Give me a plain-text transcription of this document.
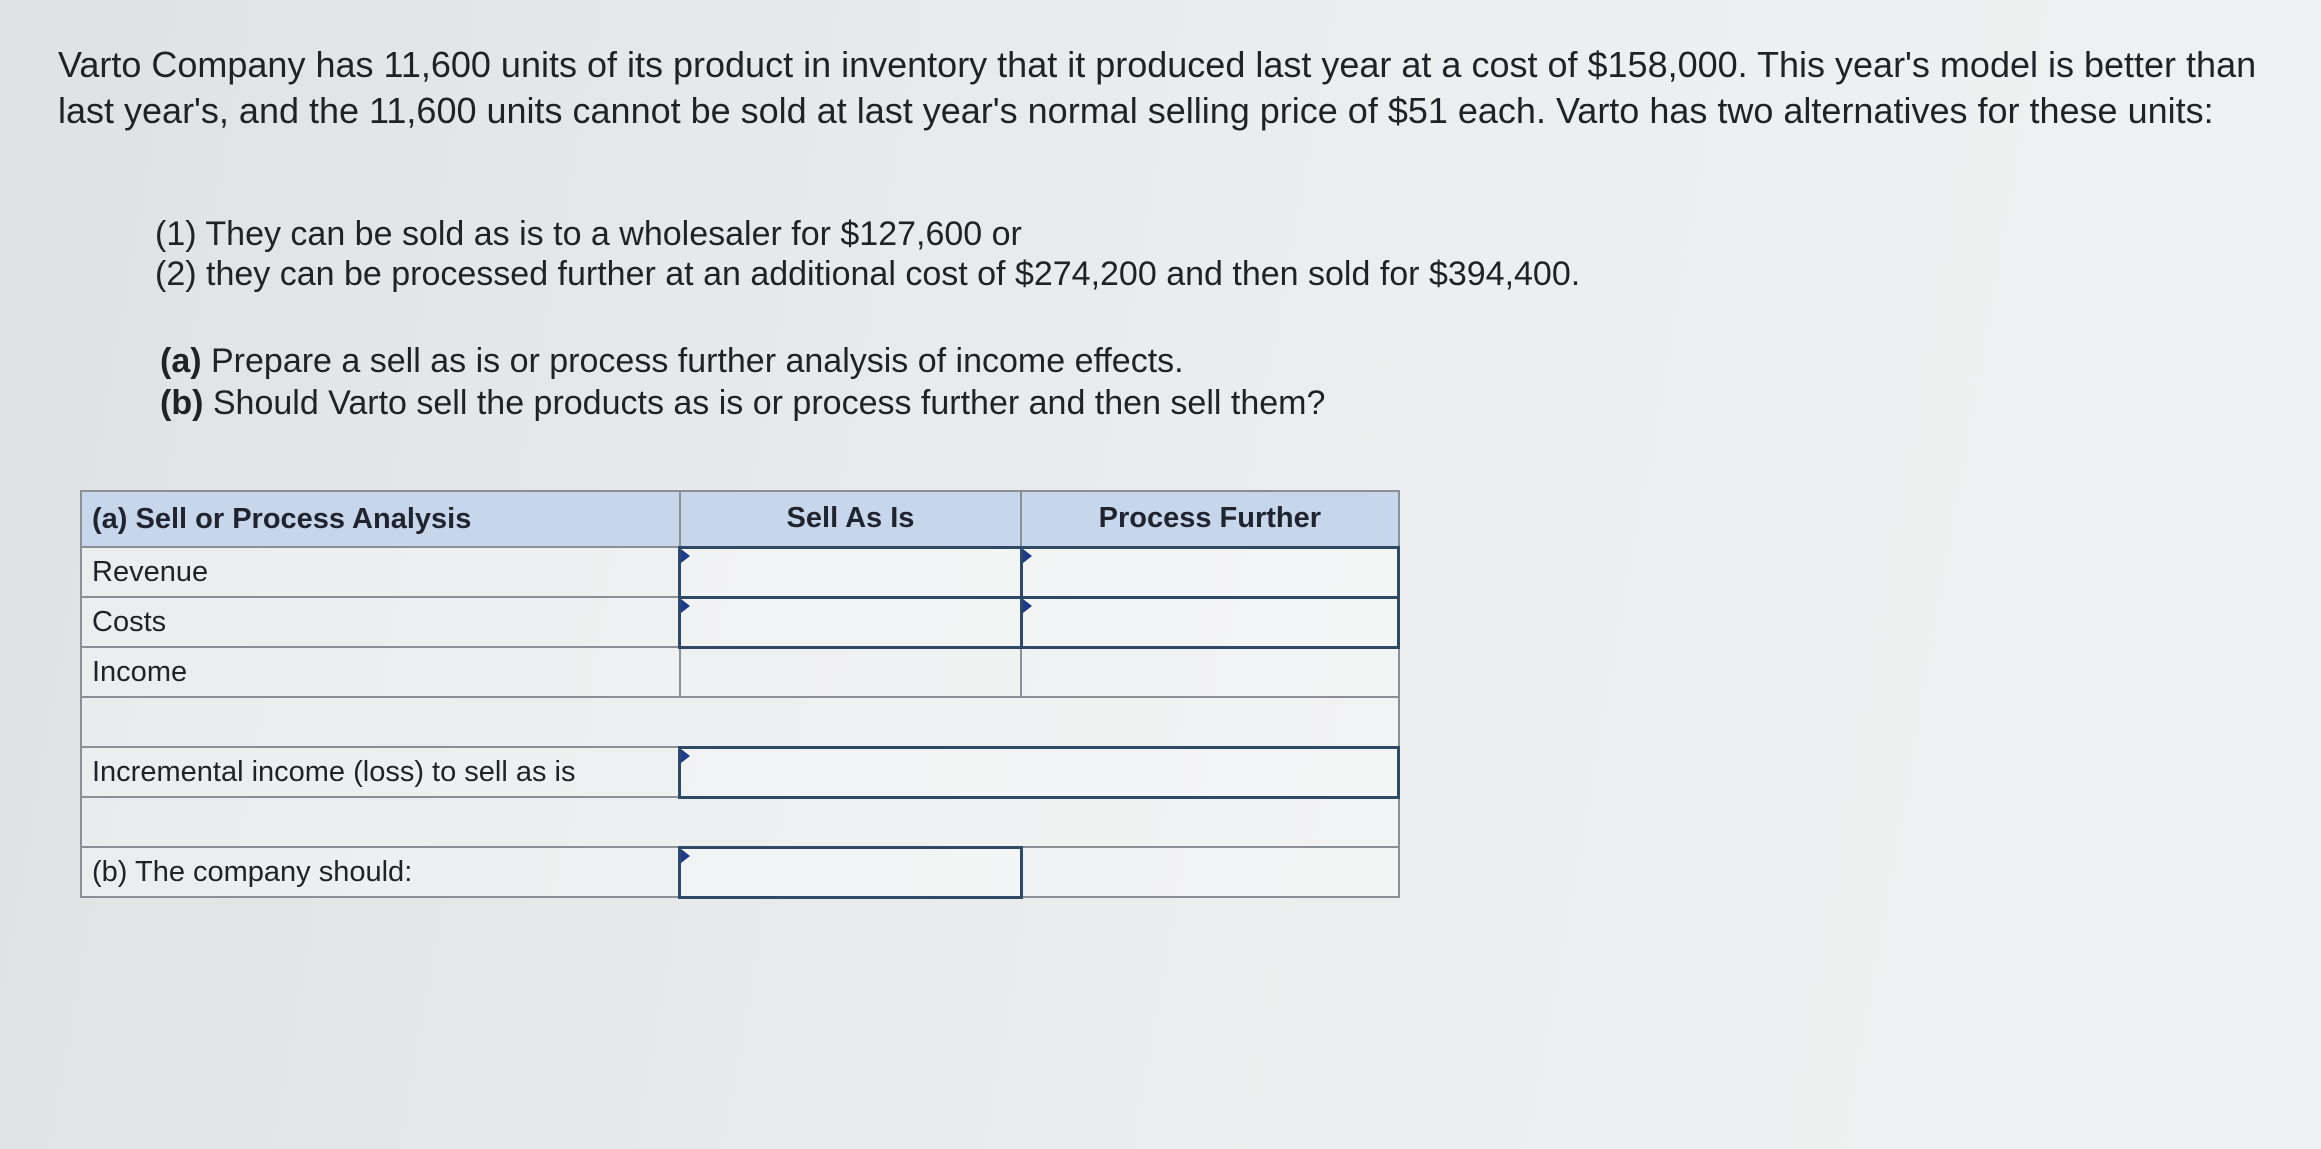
Varto Company has 11,600 units of its product in inventory that it produced last year at a cost of $158,000. This year's model is better than last year's, and the 11,600 units cannot be sold at last year's normal selling price of $51 each. Varto has two alternatives for these units:

(1) They can be sold as is to a wholesaler for $127,600 or
(2) they can be processed further at an additional cost of $274,200 and then sold for $394,400.
(a) Prepare a sell as is or process further analysis of income effects.
(b) Should Varto sell the products as is or process further and then sell them?
(a) Sell or Process Analysis	Sell As Is	Process Further
Revenue	

Costs	

Income		

Incremental income (loss) to sell as is	

(b) The company should:	
